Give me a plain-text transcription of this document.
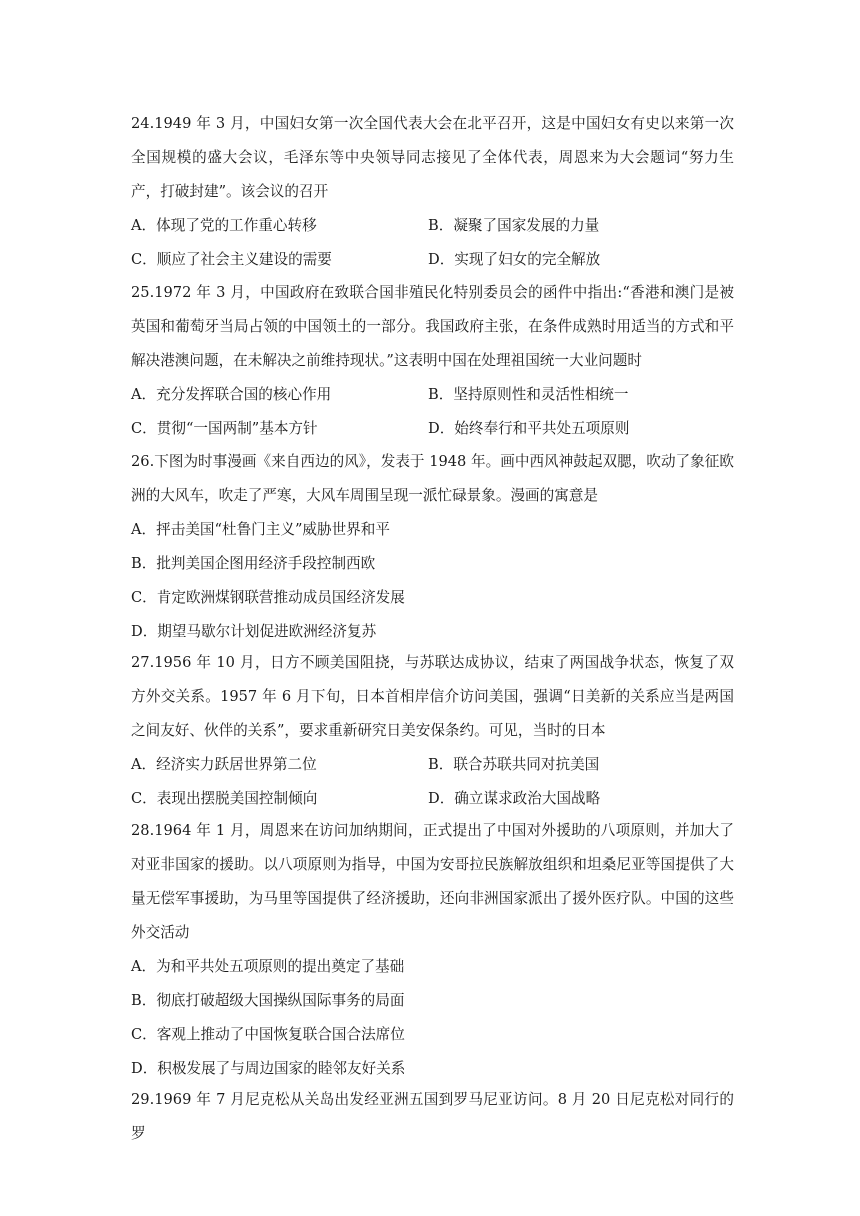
24.1949 年 3 月，中国妇女第一次全国代表大会在北平召开，这是中国妇女有史以来第一次全国规模的盛大会议，毛泽东等中央领导同志接见了全体代表，周恩来为大会题词“努力生产，打破封建”。该会议的召开

A．体现了党的工作重心转移	B．凝聚了国家发展的力量
C．顺应了社会主义建设的需要	D．实现了妇女的完全解放

25.1972 年 3 月，中国政府在致联合国非殖民化特别委员会的函件中指出:“香港和澳门是被英国和葡萄牙当局占领的中国领土的一部分。我国政府主张，在条件成熟时用适当的方式和平解决港澳问题，在未解决之前维持现状。”这表明中国在处理祖国统一大业问题时

A．充分发挥联合国的核心作用	B．坚持原则性和灵活性相统一
C．贯彻“一国两制”基本方针	D．始终奉行和平共处五项原则

26.下图为时事漫画《来自西边的风》，发表于 1948 年。画中西风神鼓起双腮，吹动了象征欧洲的大风车，吹走了严寒，大风车周围呈现一派忙碌景象。漫画的寓意是

A．抨击美国“杜鲁门主义”威胁世界和平
B．批判美国企图用经济手段控制西欧
C．肯定欧洲煤钢联营推动成员国经济发展
D．期望马歇尔计划促进欧洲经济复苏

27.1956 年 10 月，日方不顾美国阻挠，与苏联达成协议，结束了两国战争状态，恢复了双方外交关系。1957 年 6 月下旬，日本首相岸信介访问美国，强调“日美新的关系应当是两国之间友好、伙伴的关系”，要求重新研究日美安保条约。可见，当时的日本

A．经济实力跃居世界第二位	B．联合苏联共同对抗美国
C．表现出摆脱美国控制倾向	D．确立谋求政治大国战略

28.1964 年 1 月，周恩来在访问加纳期间，正式提出了中国对外援助的八项原则，并加大了对亚非国家的援助。以八项原则为指导，中国为安哥拉民族解放组织和坦桑尼亚等国提供了大量无偿军事援助，为马里等国提供了经济援助，还向非洲国家派出了援外医疗队。中国的这些外交活动

A．为和平共处五项原则的提出奠定了基础
B．彻底打破超级大国操纵国际事务的局面
C．客观上推动了中国恢复联合国合法席位
D．积极发展了与周边国家的睦邻友好关系

29.1969 年 7 月尼克松从关岛出发经亚洲五国到罗马尼亚访问。8 月 20 日尼克松对同行的罗
